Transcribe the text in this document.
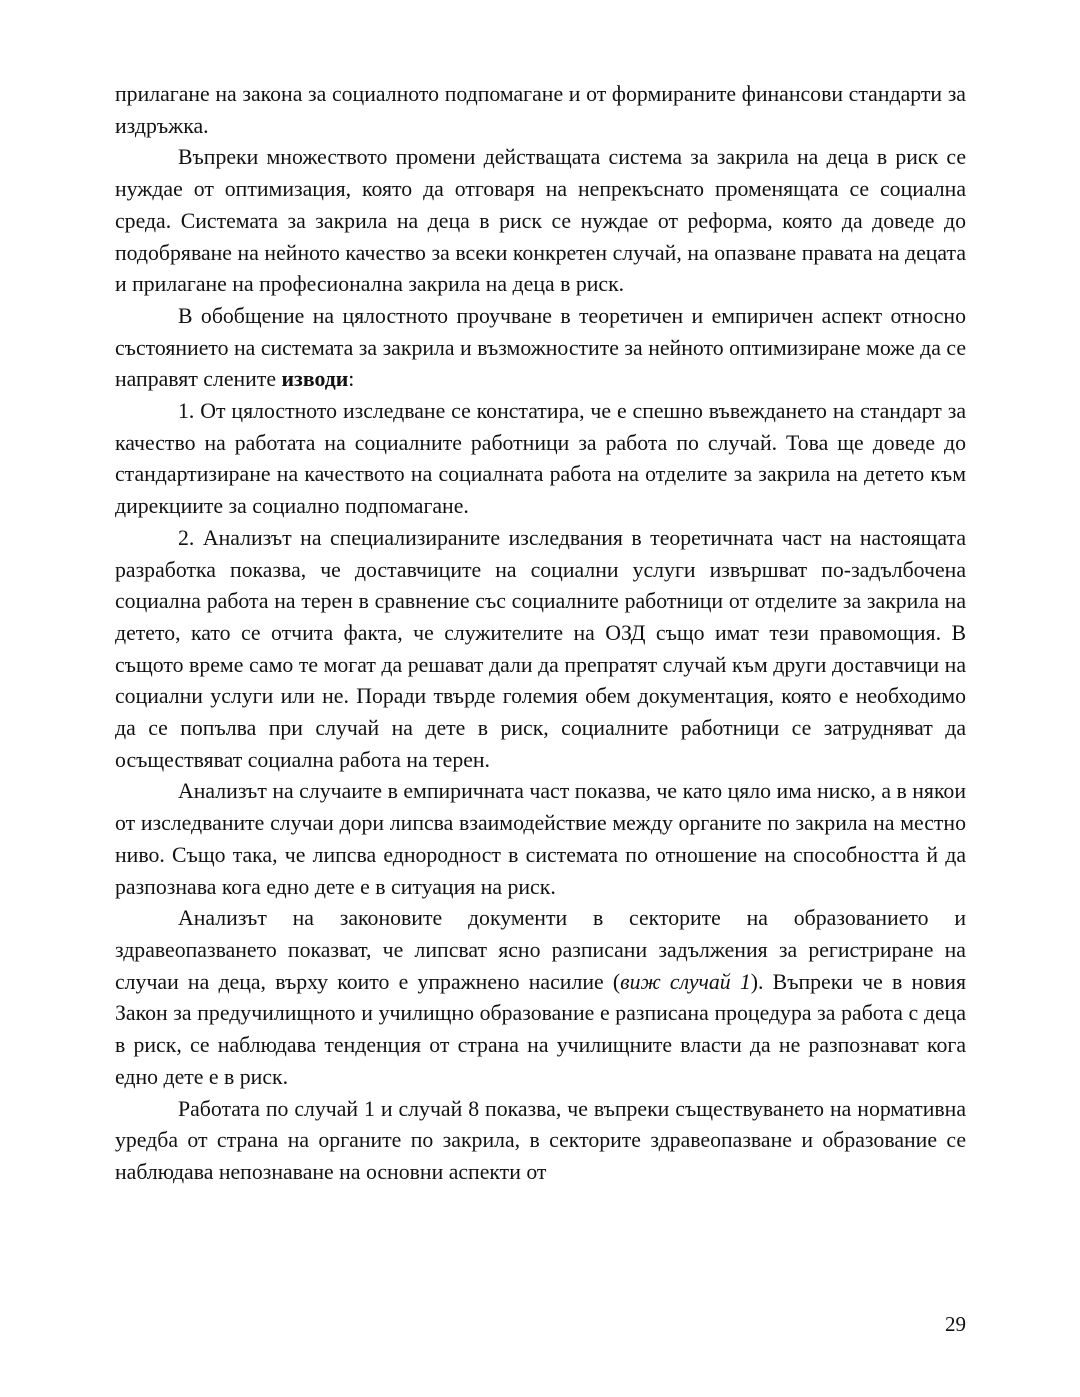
прилагане на закона за социалното подпомагане и от формираните финансови стандарти за издръжка.

Въпреки множеството промени действащата система за закрила на деца в риск се нуждае от оптимизация, която да отговаря на непрекъснато променящата се социална среда. Системата за закрила на деца в риск се нуждае от реформа, която да доведе до подобряване на нейното качество за всеки конкретен случай, на опазване правата на децата и прилагане на професионална закрила на деца в риск.

В обобщение на цялостното проучване в теоретичен и емпиричен аспект относно състоянието на системата за закрила и възможностите за нейното оптимизиране може да се направят слените изводи:

1. От цялостното изследване се констатира, че е спешно въвеждането на стандарт за качество на работата на социалните работници за работа по случай. Това ще доведе до стандартизиране на качеството на социалната работа на отделите за закрила на детето към дирекциите за социално подпомагане.

2. Анализът на специализираните изследвания в теоретичната част на настоящата разработка показва, че доставчиците на социални услуги извършват по-задълбочена социална работа на терен в сравнение със социалните работници от отделите за закрила на детето, като се отчита факта, че служителите на ОЗД също имат тези правомощия. В същото време само те могат да решават дали да препратят случай към други доставчици на социални услуги или не. Поради твърде големия обем документация, която е необходимо да се попълва при случай на дете в риск, социалните работници се затрудняват да осъществяват социална работа на терен.

Анализът на случаите в емпиричната част показва, че като цяло има ниско, а в някои от изследваните случаи дори липсва взаимодействие между органите по закрила на местно ниво. Също така, че липсва еднородност в системата по отношение на способността й да разпознава кога едно дете е в ситуация на риск.

Анализът на законовите документи в секторите на образованието и здравеопазването показват, че липсват ясно разписани задължения за регистриране на случаи на деца, върху които е упражнено насилие (виж случай 1). Въпреки че в новия Закон за предучилищното и училищно образование е разписана процедура за работа с деца в риск, се наблюдава тенденция от страна на училищните власти да не разпознават кога едно дете е в риск.

Работата по случай 1 и случай 8 показва, че въпреки съществуването на нормативна уредба от страна на органите по закрила, в секторите здравеопазване и образование се наблюдава непознаване на основни аспекти от

29
